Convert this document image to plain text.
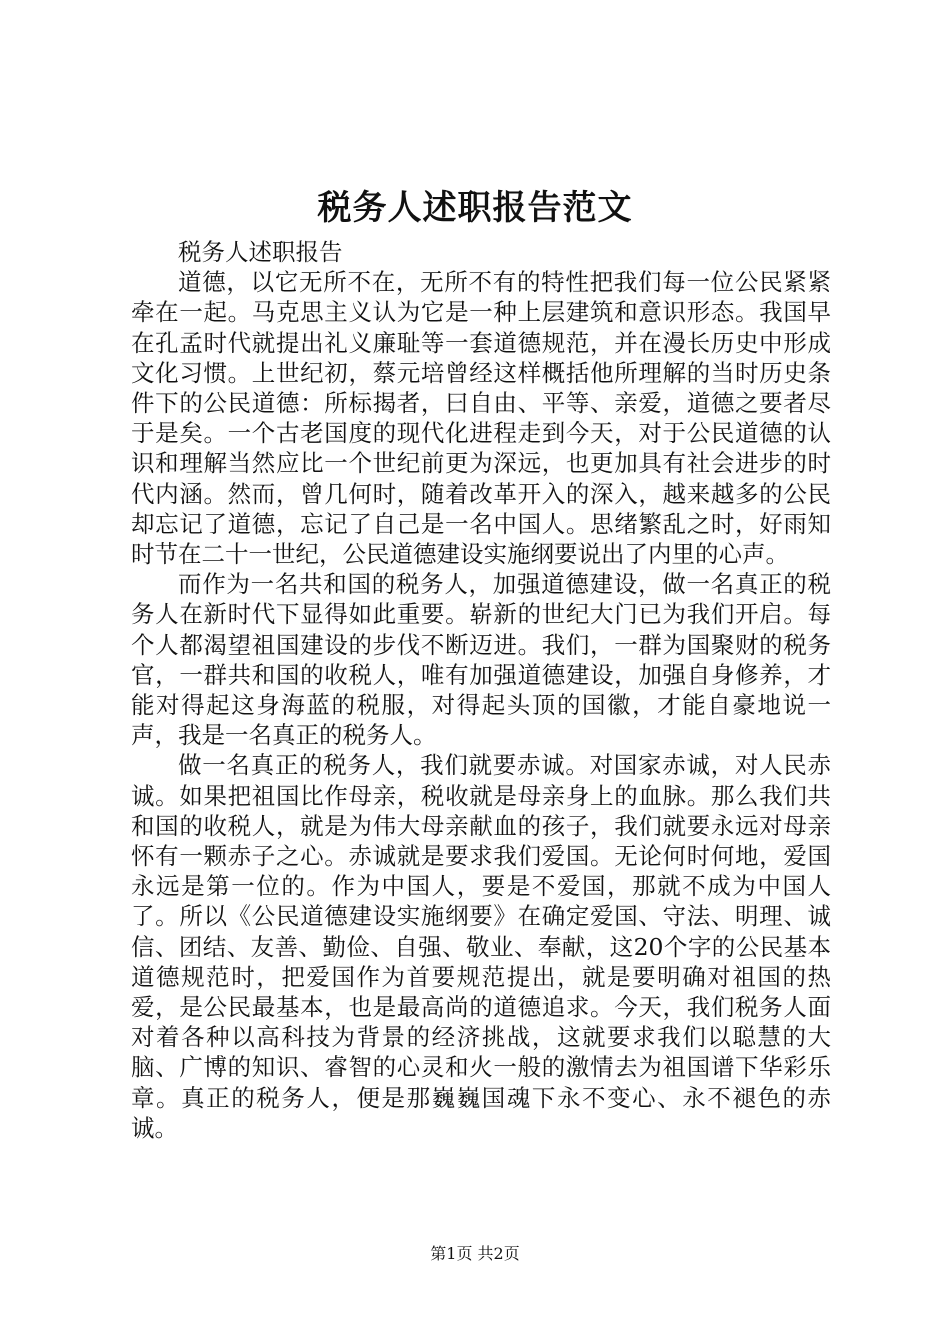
税务人述职报告范文

税务人述职报告

道德，以它无所不在，无所不有的特性把我们每一位公民紧紧牵在一起。马克思主义认为它是一种上层建筑和意识形态。我国早在孔孟时代就提出礼义廉耻等一套道德规范，并在漫长历史中形成文化习惯。上世纪初，蔡元培曾经这样概括他所理解的当时历史条件下的公民道德：所标揭者，曰自由、平等、亲爱，道德之要者尽于是矣。一个古老国度的现代化进程走到今天，对于公民道德的认识和理解当然应比一个世纪前更为深远，也更加具有社会进步的时代内涵。然而，曾几何时，随着改革开入的深入，越来越多的公民却忘记了道德，忘记了自己是一名中国人。思绪繁乱之时，好雨知时节在二十一世纪，公民道德建设实施纲要说出了内里的心声。

而作为一名共和国的税务人，加强道德建设，做一名真正的税务人在新时代下显得如此重要。崭新的世纪大门已为我们开启。每个人都渴望祖国建设的步伐不断迈进。我们，一群为国聚财的税务官，一群共和国的收税人，唯有加强道德建设，加强自身修养，才能对得起这身海蓝的税服，对得起头顶的国徽，才能自豪地说一声，我是一名真正的税务人。

做一名真正的税务人，我们就要赤诚。对国家赤诚，对人民赤诚。如果把祖国比作母亲，税收就是母亲身上的血脉。那么我们共和国的收税人，就是为伟大母亲献血的孩子，我们就要永远对母亲怀有一颗赤子之心。赤诚就是要求我们爱国。无论何时何地，爱国永远是第一位的。作为中国人，要是不爱国，那就不成为中国人了。所以《公民道德建设实施纲要》在确定爱国、守法、明理、诚信、团结、友善、勤俭、自强、敬业、奉献，这20个字的公民基本道德规范时，把爱国作为首要规范提出，就是要明确对祖国的热爱，是公民最基本，也是最高尚的道德追求。今天，我们税务人面对着各种以高科技为背景的经济挑战，这就要求我们以聪慧的大脑、广博的知识、睿智的心灵和火一般的激情去为祖国谱下华彩乐章。真正的税务人，便是那巍巍国魂下永不变心、永不褪色的赤诚。

第1页 共2页
